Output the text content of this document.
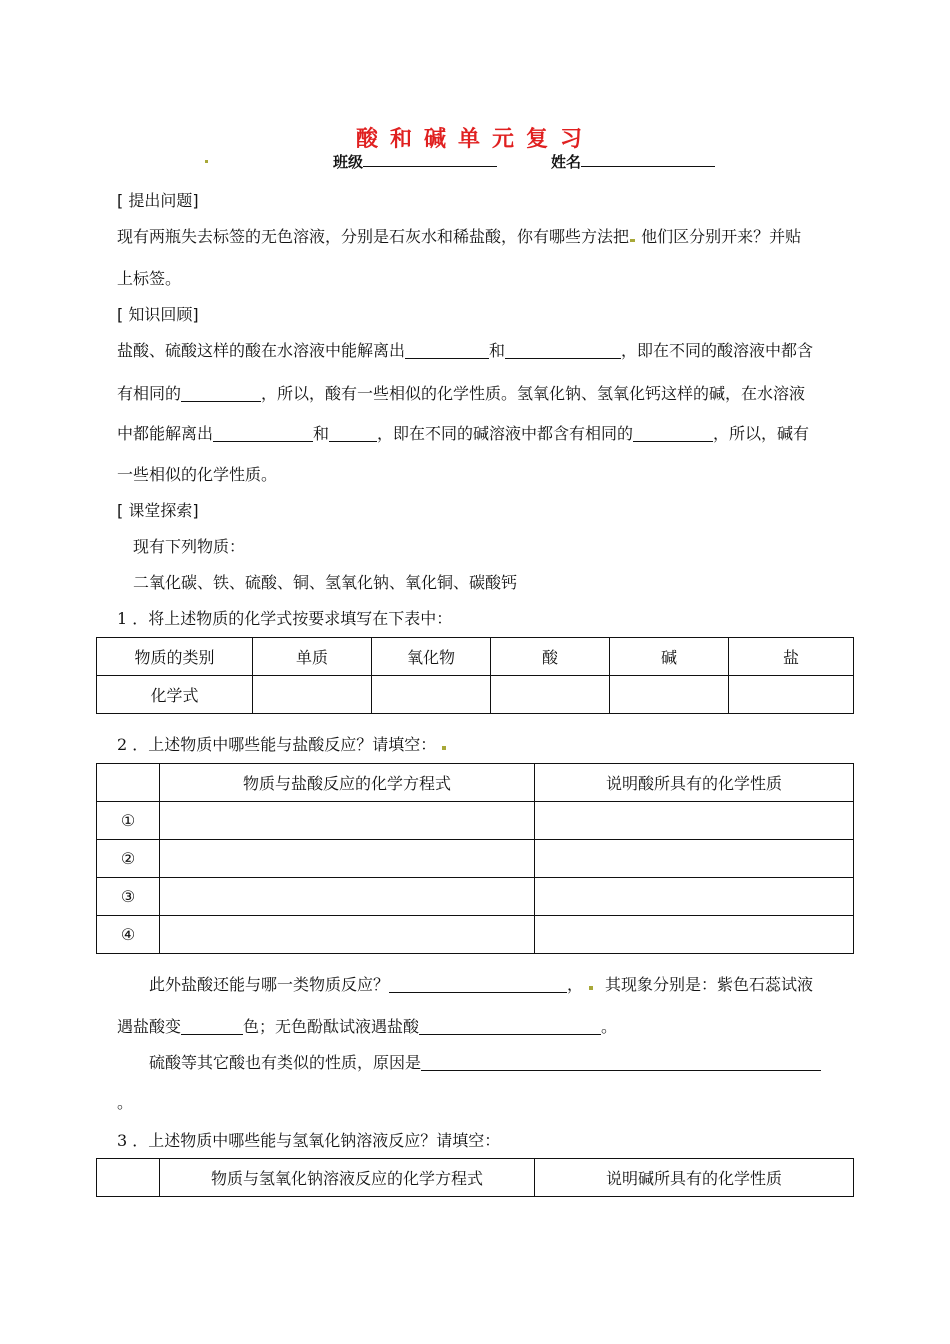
酸和碱单元复习
班级	姓名
[ 提出问题]
现有两瓶失去标签的无色溶液，分别是石灰水和稀盐酸，你有哪些方法把 他们区分别开来？并贴
上标签。
[ 知识回顾]
盐酸、硫酸这样的酸在水溶液中能解离出	和	，即在不同的酸溶液中都含
有相同的	，所以，酸有一些相似的化学性质。氢氧化钠、氢氧化钙这样的碱，在水溶液
中都能解离出	和	，即在不同的碱溶液中都含有相同的	，所以，碱有
一些相似的化学性质。
[ 课堂探索]
现有下列物质：
二氧化碳、铁、硫酸、铜、氢氧化钠、氧化铜、碳酸钙
1 ．将上述物质的化学式按要求填写在下表中：
物质的类别	单质	氧化物	酸	碱	盐
化学式					
2 ．上述物质中哪些能与盐酸反应？请填空：
	物质与盐酸反应的化学方程式	说明酸所具有的化学性质
①		
②		
③		
④		
此外盐酸还能与哪一类物质反应？	， 其现象分别是：紫色石蕊试液
遇盐酸变	色；无色酚酞试液遇盐酸	。
硫酸等其它酸也有类似的性质，原因是
。
3 ．上述物质中哪些能与氢氧化钠溶液反应？请填空：
	物质与氢氧化钠溶液反应的化学方程式	说明碱所具有的化学性质
